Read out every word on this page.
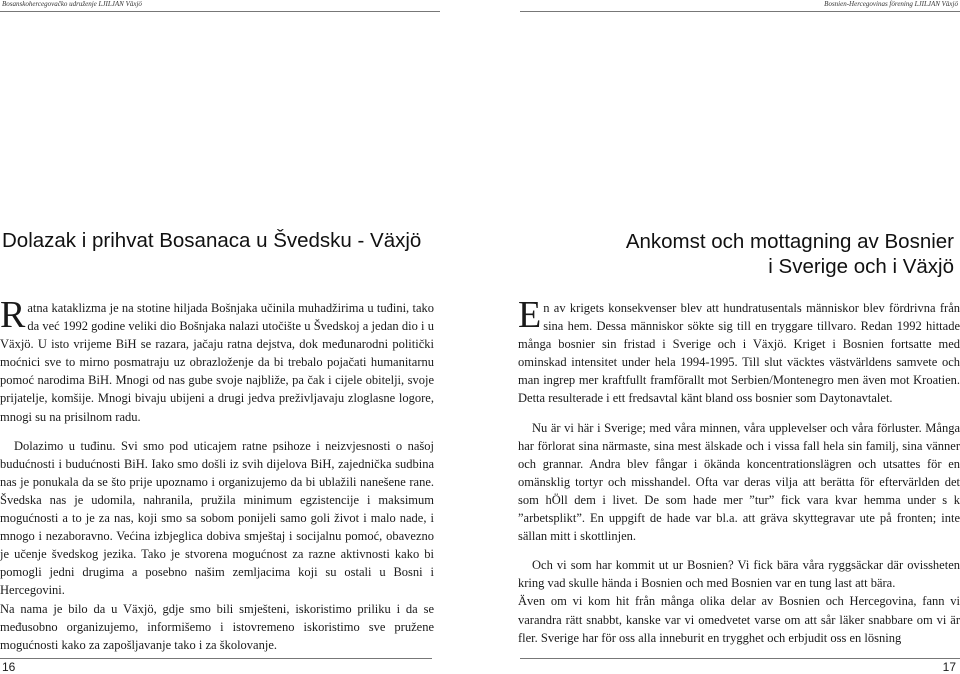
Bosanskohercegovačko udruženje LJILJAN Växjö	Bosnien-Hercegovinas förening LJILJAN Växjö
Dolazak i prihvat Bosanaca u Švedsku - Växjö	Ankomst och mottagning av Bosnier
i Sverige och i Växjö

R atna kataklizma je na stotine hiljada Bošnjaka učinila muhadžirima u tuđini, tako da već 1992 godine veliki dio Bošnjaka nalazi utočište u Švedskoj a jedan dio i u Växjö. U isto vrijeme BiH se razara, jačaju ratna dejstva, dok međunarodni politički moćnici sve to mirno posmatraju uz obrazloženje da bi trebalo pojačati humanitarnu pomoć narodima BiH. Mnogi od nas gube svoje najbliže, pa čak i cijele obitelji, svoje prijatelje, komšije. Mnogi bivaju ubijeni a drugi jedva preživljavaju zloglasne logore, mnogi su na prisilnom radu.

Dolazimo u tuđinu. Svi smo pod uticajem ratne psihoze i neizvjesnosti o našoj budućnosti i budućnosti BiH. Iako smo došli iz svih dijelova BiH, zajednička sudbina nas je ponukala da se što prije upoznamo i organizujemo da bi ublažili nanešene rane. Švedska nas je udomila, nahranila, pružila minimum egzistencije i maksimum mogućnosti a to je za nas, koji smo sa sobom ponijeli samo goli život i malo nade, i mnogo i nezaboravno. Većina izbjeglica dobiva smještaj i socijalnu pomoć, obavezno je učenje švedskog jezika. Tako je stvorena mogućnost za razne aktivnosti kako bi pomogli jedni drugima a posebno našim zemljacima koji su ostali u Bosni i Hercegovini.

Na nama je bilo da u Växjö, gdje smo bili smješteni, iskoristimo priliku i da se međusobno organizujemo, informišemo i istovremeno iskoristimo sve pružene mogućnosti kako za zapošljavanje tako i za školovanje.

E n av krigets konsekvenser blev att hundratusentals människor blev fördrivna från sina hem. Dessa människor sökte sig till en tryggare tillvaro. Redan 1992 hittade många bosnier sin fristad i Sverige och i Växjö. Kriget i Bosnien fortsatte med ominskad intensitet under hela 1994-1995. Till slut väcktes västvärldens samvete och man ingrep mer kraftfullt framförallt mot Serbien/Montenegro men även mot Kroatien. Detta resulterade i ett fredsavtal känt bland oss bosnier som Daytonavtalet.

Nu är vi här i Sverige; med våra minnen, våra upplevelser och våra förluster. Många har förlorat sina närmaste, sina mest älskade och i vissa fall hela sin familj, sina vänner och grannar. Andra blev fångar i ökända koncentrationslägren och utsattes för en omänsklig tortyr och misshandel. Ofta var deras vilja att berätta för eftervärlden det som hÖll dem i livet. De som hade mer ”tur” fick vara kvar hemma under s k ”arbetsplikt”. En uppgift de hade var bl.a. att gräva skyttegravar ute på fronten; inte sällan mitt i skottlinjen.

Och vi som har kommit ut ur Bosnien? Vi fick bära våra ryggsäckar där ovissheten kring vad skulle hända i Bosnien och med Bosnien var en tung last att bära.

Även om vi kom hit från många olika delar av Bosnien och Hercegovina, fann vi varandra rätt snabbt, kanske var vi omedvetet varse om att sår läker snabbare om vi är fler. Sverige har för oss alla inneburit en trygghet och erbjudit oss en lösning

16	17
